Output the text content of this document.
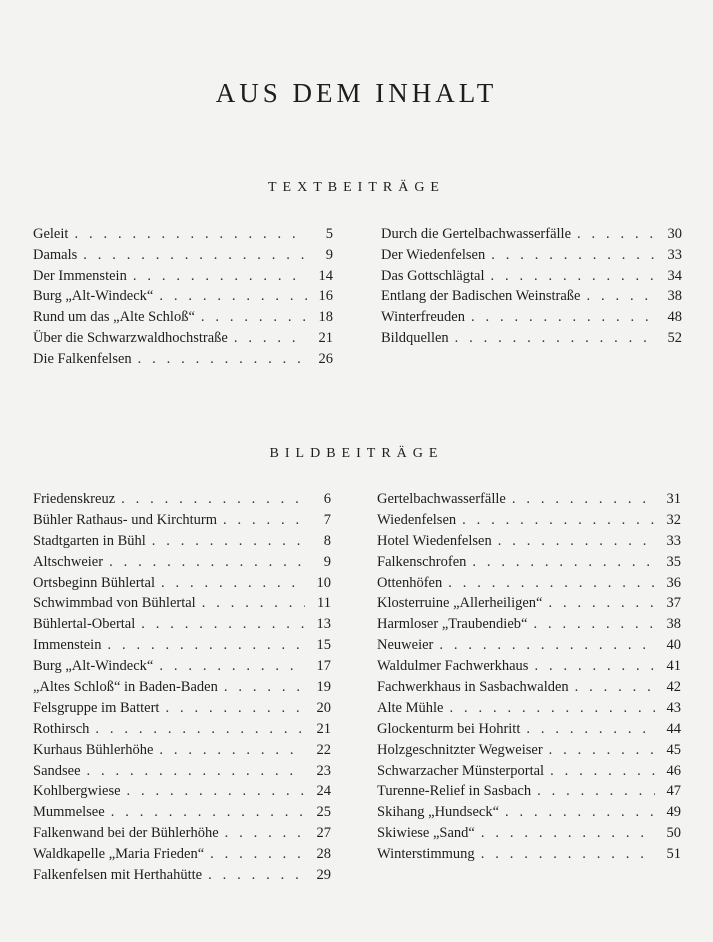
AUS DEM INHALT
TEXTBEITRÄGE
Geleit . .	5
Damals . .	9
Der Immenstein . .	14
Burg „Alt-Windeck“ . .	16
Rund um das „Alte Schloß“ . .	18
Über die Schwarzwaldhochstraße . .	21
Die Falkenfelsen . .	26
Durch die Gertelbachwasserfälle . .	30
Der Wiedenfelsen . .	33
Das Gottschlägtal . .	34
Entlang der Badischen Weinstraße . .	38
Winterfreuden . .	48
Bildquellen . .	52
BILDBEITRÄGE
Friedenskreuz . .	6
Bühler Rathaus- und Kirchturm . .	7
Stadtgarten in Bühl . .	8
Altschweier . .	9
Ortsbeginn Bühlertal . .	10
Schwimmbad von Bühlertal . .	11
Bühlertal-Obertal . .	13
Immenstein . .	15
Burg „Alt-Windeck“ . .	17
„Altes Schloß“ in Baden-Baden . .	19
Felsgruppe im Battert . .	20
Rothirsch . .	21
Kurhaus Bühlerhöhe . .	22
Sandsee . .	23
Kohlbergwiese . .	24
Mummelsee . .	25
Falkenwand bei der Bühlerhöhe . .	27
Waldkapelle „Maria Frieden“ . .	28
Falkenfelsen mit Herthahütte . .	29
Gertelbachwasserfälle . .	31
Wiedenfelsen . .	32
Hotel Wiedenfelsen . .	33
Falkenschrofen . .	35
Ottenhöfen . .	36
Klosterruine „Allerheiligen“ . .	37
Harmloser „Traubendieb“ . .	38
Neuweier . .	40
Waldulmer Fachwerkhaus . .	41
Fachwerkhaus in Sasbachwalden . .	42
Alte Mühle . .	43
Glockenturm bei Hohritt . .	44
Holzgeschnitzter Wegweiser . .	45
Schwarzacher Münsterportal . .	46
Turenne-Relief in Sasbach . .	47
Skihang „Hundseck“ . .	49
Skiwiese „Sand“ . .	50
Winterstimmung . .	51
